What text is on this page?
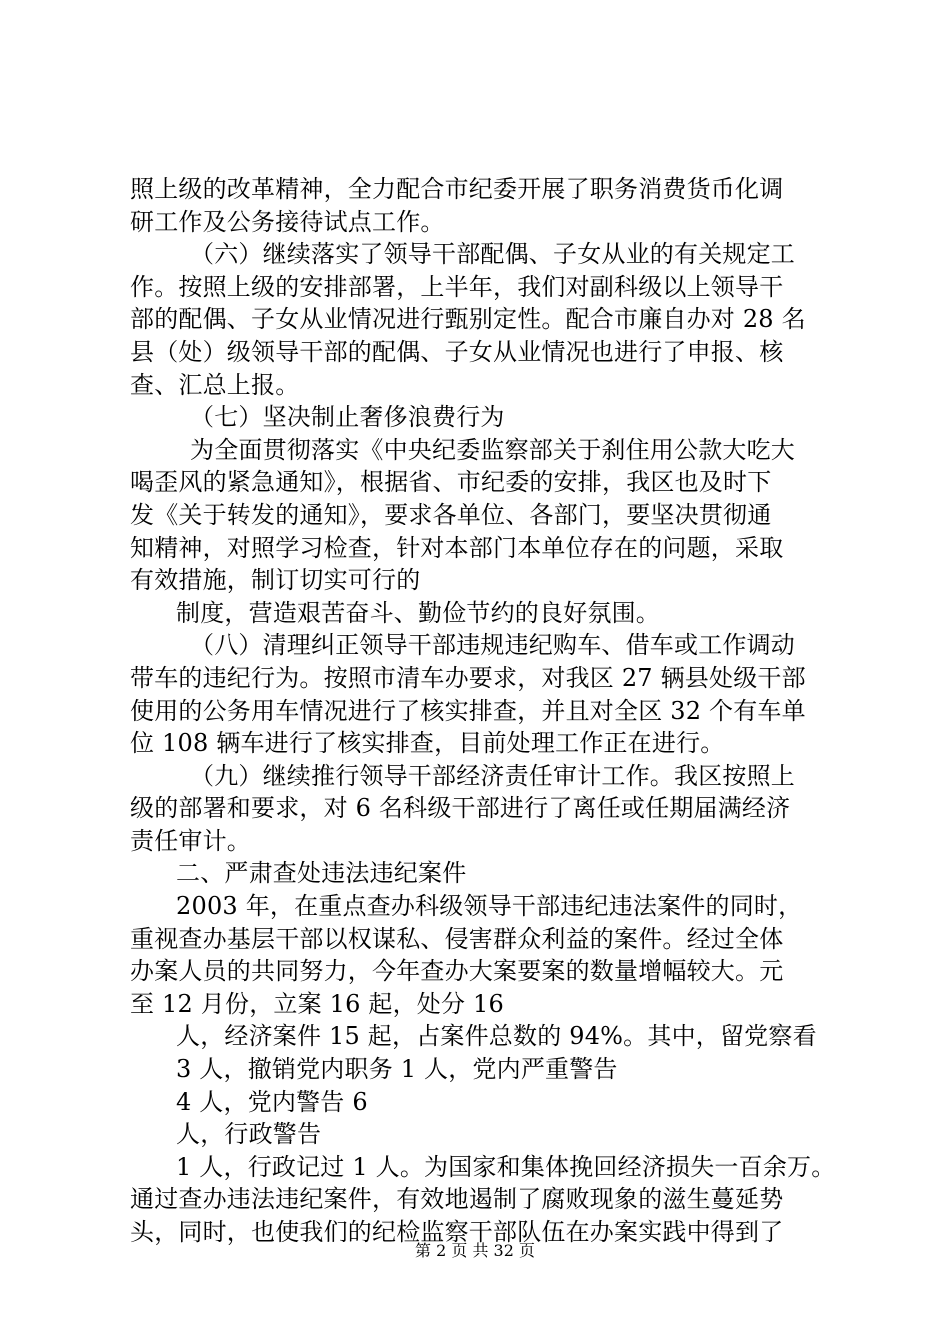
照上级的改革精神，全力配合市纪委开展了职务消费货币化调
研工作及公务接待试点工作。
（六）继续落实了领导干部配偶、子女从业的有关规定工
作。按照上级的安排部署，上半年，我们对副科级以上领导干
部的配偶、子女从业情况进行甄别定性。配合市廉自办对 28 名
县（处）级领导干部的配偶、子女从业情况也进行了申报、核
查、汇总上报。
（七）坚决制止奢侈浪费行为
为全面贯彻落实《中央纪委监察部关于刹住用公款大吃大
喝歪风的紧急通知》，根据省、市纪委的安排，我区也及时下
发《关于转发的通知》，要求各单位、各部门，要坚决贯彻通
知精神，对照学习检查，针对本部门本单位存在的问题，采取
有效措施，制订切实可行的
制度，营造艰苦奋斗、勤俭节约的良好氛围。
（八）清理纠正领导干部违规违纪购车、借车或工作调动
带车的违纪行为。按照市清车办要求，对我区 27 辆县处级干部
使用的公务用车情况进行了核实排查，并且对全区 32 个有车单
位 108 辆车进行了核实排查，目前处理工作正在进行。
（九）继续推行领导干部经济责任审计工作。我区按照上
级的部署和要求，对 6 名科级干部进行了离任或任期届满经济
责任审计。
二、严肃查处违法违纪案件
2003 年，在重点查办科级领导干部违纪违法案件的同时，
重视查办基层干部以权谋私、侵害群众利益的案件。经过全体
办案人员的共同努力，今年查办大案要案的数量增幅较大。元
至 12 月份，立案 16 起，处分 16
人，经济案件 15 起，占案件总数的 94%。其中，留党察看
3 人，撤销党内职务 1 人，党内严重警告
4 人，党内警告 6
人，行政警告
1 人，行政记过 1 人。为国家和集体挽回经济损失一百余万。
通过查办违法违纪案件，有效地遏制了腐败现象的滋生蔓延势
头，同时，也使我们的纪检监察干部队伍在办案实践中得到了
第 2 页 共 32 页
